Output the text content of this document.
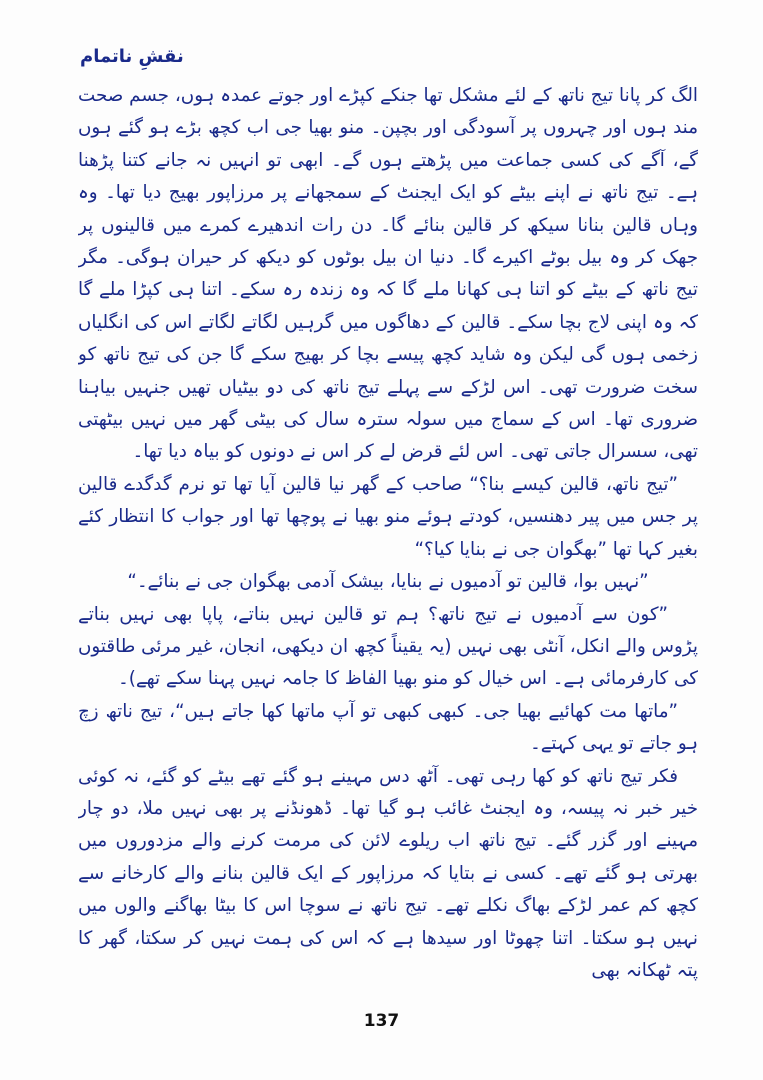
نقشِ ناتمام

الگ کر پانا تیج ناتھ کے لئے مشکل تھا جنکے کپڑے اور جوتے عمدہ ہوں، جسم صحت مند ہوں اور چہروں پر آسودگی اور بچپن۔ منو بھیا جی اب کچھ بڑے ہو گئے ہوں گے، آگے کی کسی جماعت میں پڑھتے ہوں گے۔ ابھی تو انہیں نہ جانے کتنا پڑھنا ہے۔ تیج ناتھ نے اپنے بیٹے کو ایک ایجنٹ کے سمجھانے پر مرزاپور بھیج دیا تھا۔ وہ وہاں قالین بنانا سیکھ کر قالین بنائے گا۔ دن رات اندھیرے کمرے میں قالینوں پر جھک کر وہ بیل بوٹے اکیرے گا۔ دنیا ان بیل بوٹوں کو دیکھ کر حیران ہوگی۔ مگر تیج ناتھ کے بیٹے کو اتنا ہی کھانا ملے گا کہ وہ زندہ رہ سکے۔ اتنا ہی کپڑا ملے گا کہ وہ اپنی لاج بچا سکے۔ قالین کے دھاگوں میں گرہیں لگاتے لگاتے اس کی انگلیاں زخمی ہوں گی لیکن وہ شاید کچھ پیسے بچا کر بھیج سکے گا جن کی تیج ناتھ کو سخت ضرورت تھی۔ اس لڑکے سے پہلے تیج ناتھ کی دو بیٹیاں تھیں جنہیں بیاہنا ضروری تھا۔ اس کے سماج میں سولہ سترہ سال کی بیٹی گھر میں نہیں بیٹھتی تھی، سسرال جاتی تھی۔ اس لئے قرض لے کر اس نے دونوں کو بیاہ دیا تھا۔

”تیج ناتھ، قالین کیسے بنا؟“ صاحب کے گھر نیا قالین آیا تھا تو نرم گدگدے قالین پر جس میں پیر دھنسیں، کودتے ہوئے منو بھیا نے پوچھا تھا اور جواب کا انتظار کئے بغیر کہا تھا ”بھگوان جی نے بنایا کیا؟“

”نہیں بوا، قالین تو آدمیوں نے بنایا، بیشک آدمی بھگوان جی نے بنائے۔“

”کون سے آدمیوں نے تیج ناتھ؟ ہم تو قالین نہیں بناتے، پاپا بھی نہیں بناتے پڑوس والے انکل، آنٹی بھی نہیں (یہ یقیناً کچھ ان دیکھی، انجان، غیر مرئی طاقتوں کی کارفرمائی ہے۔ اس خیال کو منو بھیا الفاظ کا جامہ نہیں پہنا سکے تھے)۔

”ماتھا مت کھائیے بھیا جی۔ کبھی کبھی تو آپ ماتھا کھا جاتے ہیں“، تیج ناتھ زچ ہو جاتے تو یہی کہتے۔

فکر تیج ناتھ کو کھا رہی تھی۔ آٹھ دس مہینے ہو گئے تھے بیٹے کو گئے، نہ کوئی خیر خبر نہ پیسہ، وہ ایجنٹ غائب ہو گیا تھا۔ ڈھونڈنے پر بھی نہیں ملا، دو چار مہینے اور گزر گئے۔ تیج ناتھ اب ریلوے لائن کی مرمت کرنے والے مزدوروں میں بھرتی ہو گئے تھے۔ کسی نے بتایا کہ مرزاپور کے ایک قالین بنانے والے کارخانے سے کچھ کم عمر لڑکے بھاگ نکلے تھے۔ تیج ناتھ نے سوچا اس کا بیٹا بھاگنے والوں میں نہیں ہو سکتا۔ اتنا چھوٹا اور سیدھا ہے کہ اس کی ہمت نہیں کر سکتا، گھر کا پتہ ٹھکانہ بھی

137
